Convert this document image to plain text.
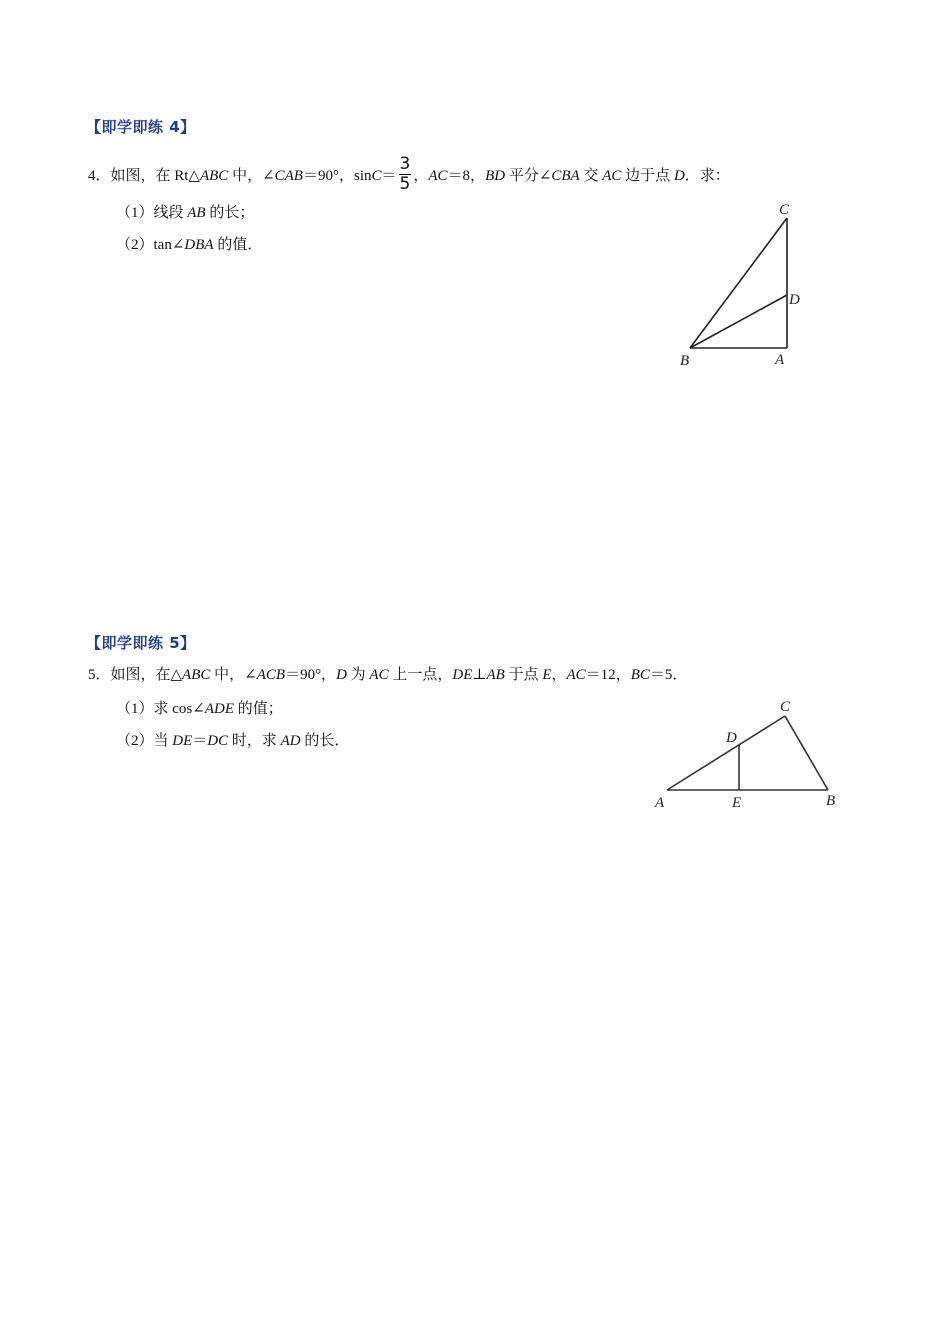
【即学即练 4】
4．如图，在 Rt△ABC 中，∠CAB＝90°，$\sin C= \frac{3}{5}$ ，AC＝8，BD 平分∠CBA 交 AC 边于点 D．求：
（1）线段 AB 的长；
（2）tan∠DBA 的值．
C
D
B	A
【即学即练 5】
5．如图，在△ABC 中，∠ACB＝90°，D 为 AC 上一点，DE⊥AB 于点 E，AC＝12，BC＝5．
（1）求 cos∠ADE 的值；
（2）当 DE＝DC 时，求 AD 的长．
C
D
A	E	B
